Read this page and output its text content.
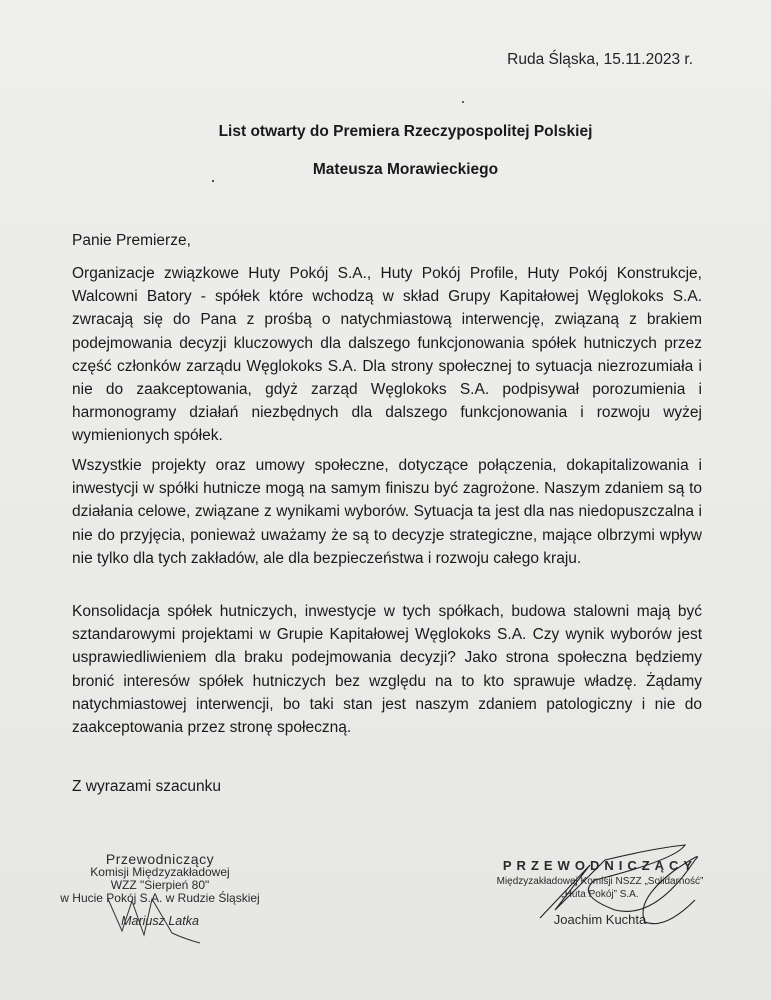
Ruda Śląska, 15.11.2023 r.
List otwarty do Premiera Rzeczypospolitej Polskiej
Mateusza Morawieckiego
Panie Premierze,
Organizacje związkowe Huty Pokój S.A., Huty Pokój Profile, Huty Pokój Konstrukcje, Walcowni Batory - spółek które wchodzą w skład Grupy Kapitałowej Węglokoks S.A. zwracają się do Pana z prośbą o natychmiastową interwencję, związaną z brakiem podejmowania decyzji kluczowych dla dalszego funkcjonowania spółek hutniczych przez część członków zarządu Węglokoks S.A. Dla strony społecznej to sytuacja niezrozumiała i nie do zaakceptowania, gdyż zarząd Węglokoks S.A. podpisywał porozumienia i harmonogramy działań niezbędnych dla dalszego funkcjonowania i rozwoju wyżej wymienionych spółek.
Wszystkie projekty oraz umowy społeczne, dotyczące połączenia, dokapitalizowania i inwestycji w spółki hutnicze mogą na samym finiszu być zagrożone. Naszym zdaniem są to działania celowe, związane z wynikami wyborów. Sytuacja ta jest dla nas niedopuszczalna i nie do przyjęcia, ponieważ uważamy że są to decyzje strategiczne, mające olbrzymi wpływ nie tylko dla tych zakładów, ale dla bezpieczeństwa i rozwoju całego kraju.
Konsolidacja spółek hutniczych, inwestycje w tych spółkach, budowa stalowni mają być sztandarowymi projektami w Grupie Kapitałowej Węglokoks S.A. Czy wynik wyborów jest usprawiedliwieniem dla braku podejmowania decyzji? Jako strona społeczna będziemy bronić interesów spółek hutniczych bez względu na to kto sprawuje władzę. Żądamy natychmiastowej interwencji, bo taki stan jest naszym zdaniem patologiczny i nie do zaakceptowania przez stronę społeczną.
Z wyrazami szacunku
Przewodniczący
Komisji Międzyzakładowej
WZZ "Sierpień 80"
w Hucie Pokój S.A. w Rudzie Śląskiej
Mariusz Latka
PRZEWODNICZĄCY
Międzyzakładowej Komisji NSZZ „Solidarność”
„Huta Pokój” S.A.
Joachim Kuchta
